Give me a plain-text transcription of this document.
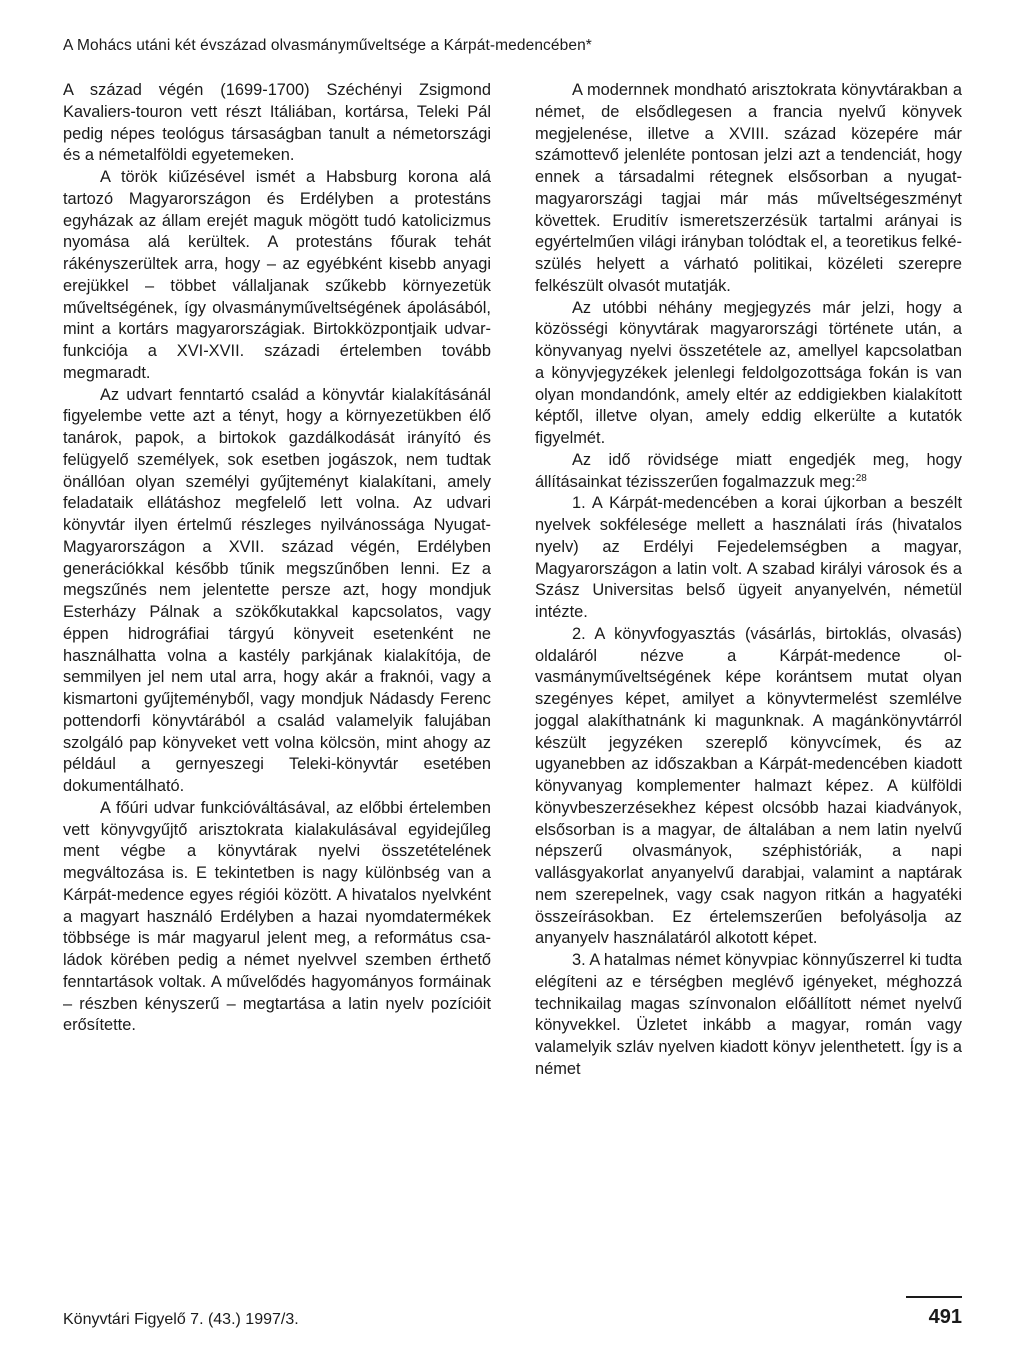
A Mohács utáni két évszázad olvasmányműveltsége a Kárpát-medencében*

A század végén (1699-1700) Széchényi Zsigmond Kavaliers-touron vett részt Itáliában, kortársa, Teleki Pál pedig népes teológus társaságban tanult a németországi és a németalföldi egyetemeken.

A török kiűzésével ismét a Habsburg korona alá tartozó Magyarországon és Erdélyben a protestáns egyházak az állam erejét maguk mögött tudó katolicizmus nyomása alá kerültek. A protestáns főurak tehát rákényszerültek arra, hogy – az egyébként kisebb anyagi erejükkel – többet vállaljanak szűkebb környezetük műveltségének, így olvasmányműveltségének ápolásából, mint a kortárs magyarországiak. Birtokközpontjaik udvar-funkciója a XVI-XVII. századi értelemben tovább megmaradt.

Az udvart fenntartó család a könyvtár kialakításánál figyelembe vette azt a tényt, hogy a környezetükben élő tanárok, papok, a birtokok gazdálkodását irányító és felügyelő személyek, sok esetben jogászok, nem tudtak önállóan olyan személyi gyűjteményt kialakítani, amely feladataik ellátáshoz megfelelő lett volna. Az udvari könyvtár ilyen értelmű részleges nyilvánossága Nyugat-Magyarországon a XVII. század végén, Erdélyben generációkkal később tűnik megszűnőben lenni. Ez a megszűnés nem jelentette persze azt, hogy mondjuk Esterházy Pálnak a szökőkutakkal kapcsolatos, vagy éppen hidrográfiai tárgyú könyveit esetenként ne használhatta volna a kastély parkjának kialakítója, de semmilyen jel nem utal arra, hogy akár a fraknói, vagy a kismartoni gyűjteményből, vagy mondjuk Nádasdy Ferenc pottendorfi könyvtárából a család valamelyik falujában szolgáló pap könyveket vett volna kölcsön, mint ahogy az például a gernyeszegi Teleki-könyvtár esetében dokumentálható.

A főúri udvar funkcióváltásával, az előbbi értelemben vett könyvgyűjtő arisztokrata kialakulásával egyidejűleg ment végbe a könyvtárak nyelvi összetételének megváltozása is. E tekintetben is nagy különbség van a Kárpát-medence egyes régiói között. A hivatalos nyelvként a magyart használó Erdélyben a hazai nyomdatermékek többsége is már magyarul jelent meg, a református családok körében pedig a német nyelvvel szemben érthető fenntartások voltak. A művelődés hagyományos formáinak – részben kényszerű – megtartása a latin nyelv pozícióit erősítette.

A modernnek mondható arisztokrata könyvtárakban a német, de elsődlegesen a francia nyelvű könyvek megjelenése, illetve a XVIII. század közepére már számottevő jelenléte pontosan jelzi azt a tendenciát, hogy ennek a társadalmi rétegnek elsősorban a nyugat-magyarországi tagjai már más műveltségeszményt követtek. Eruditív ismeretszerzésük tartalmi arányai is egyértelműen világi irányban tolódtak el, a teoretikus felkészülés helyett a várható politikai, közéleti szerepre felkészült olvasót mutatják.

Az utóbbi néhány megjegyzés már jelzi, hogy a közösségi könyvtárak magyarországi története után, a könyvanyag nyelvi összetétele az, amellyel kapcsolatban a könyvjegyzékek jelenlegi feldolgozottsága fokán is van olyan mondandónk, amely eltér az eddigiekben kialakított képtől, illetve olyan, amely eddig elkerülte a kutatók figyelmét.

Az idő rövidsége miatt engedjék meg, hogy állításainkat tézisszerűen fogalmazzuk meg:$^{28}$

1. A Kárpát-medencében a korai újkorban a beszélt nyelvek sokfélesége mellett a használati írás (hivatalos nyelv) az Erdélyi Fejedelemségben a magyar, Magyarországon a latin volt. A szabad királyi városok és a Szász Universitas belső ügyeit anyanyelvén, németül intézte.

2. A könyvfogyasztás (vásárlás, birtoklás, olvasás) oldaláról nézve a Kárpát-medence olvasmányműveltségének képe korántsem mutat olyan szegényes képet, amilyet a könyvtermelést szemlélve joggal alakíthatnánk ki magunknak. A magánkönyvtárról készült jegyzéken szereplő könyvcímek, és az ugyanebben az időszakban a Kárpát-medencében kiadott könyvanyag komplementer halmazt képez. A külföldi könyvbeszerzésekhez képest olcsóbb hazai kiadványok, elsősorban is a magyar, de általában a nem latin nyelvű népszerű olvasmányok, széphistóriák, a napi vallásgyakorlat anyanyelvű darabjai, valamint a naptárak nem szerepelnek, vagy csak nagyon ritkán a hagyatéki összeírásokban. Ez értelemszerűen befolyásolja az anyanyelv használatáról alkotott képet.

3. A hatalmas német könyvpiac könnyűszerrel ki tudta elégíteni az e térségben meglévő igényeket, méghozzá technikailag magas színvonalon előállított német nyelvű könyvekkel. Üzletet inkább a magyar, román vagy valamelyik szláv nyelven kiadott könyv jelenthetett. Így is a német

Könyvtári Figyelő 7. (43.) 1997/3.	491
